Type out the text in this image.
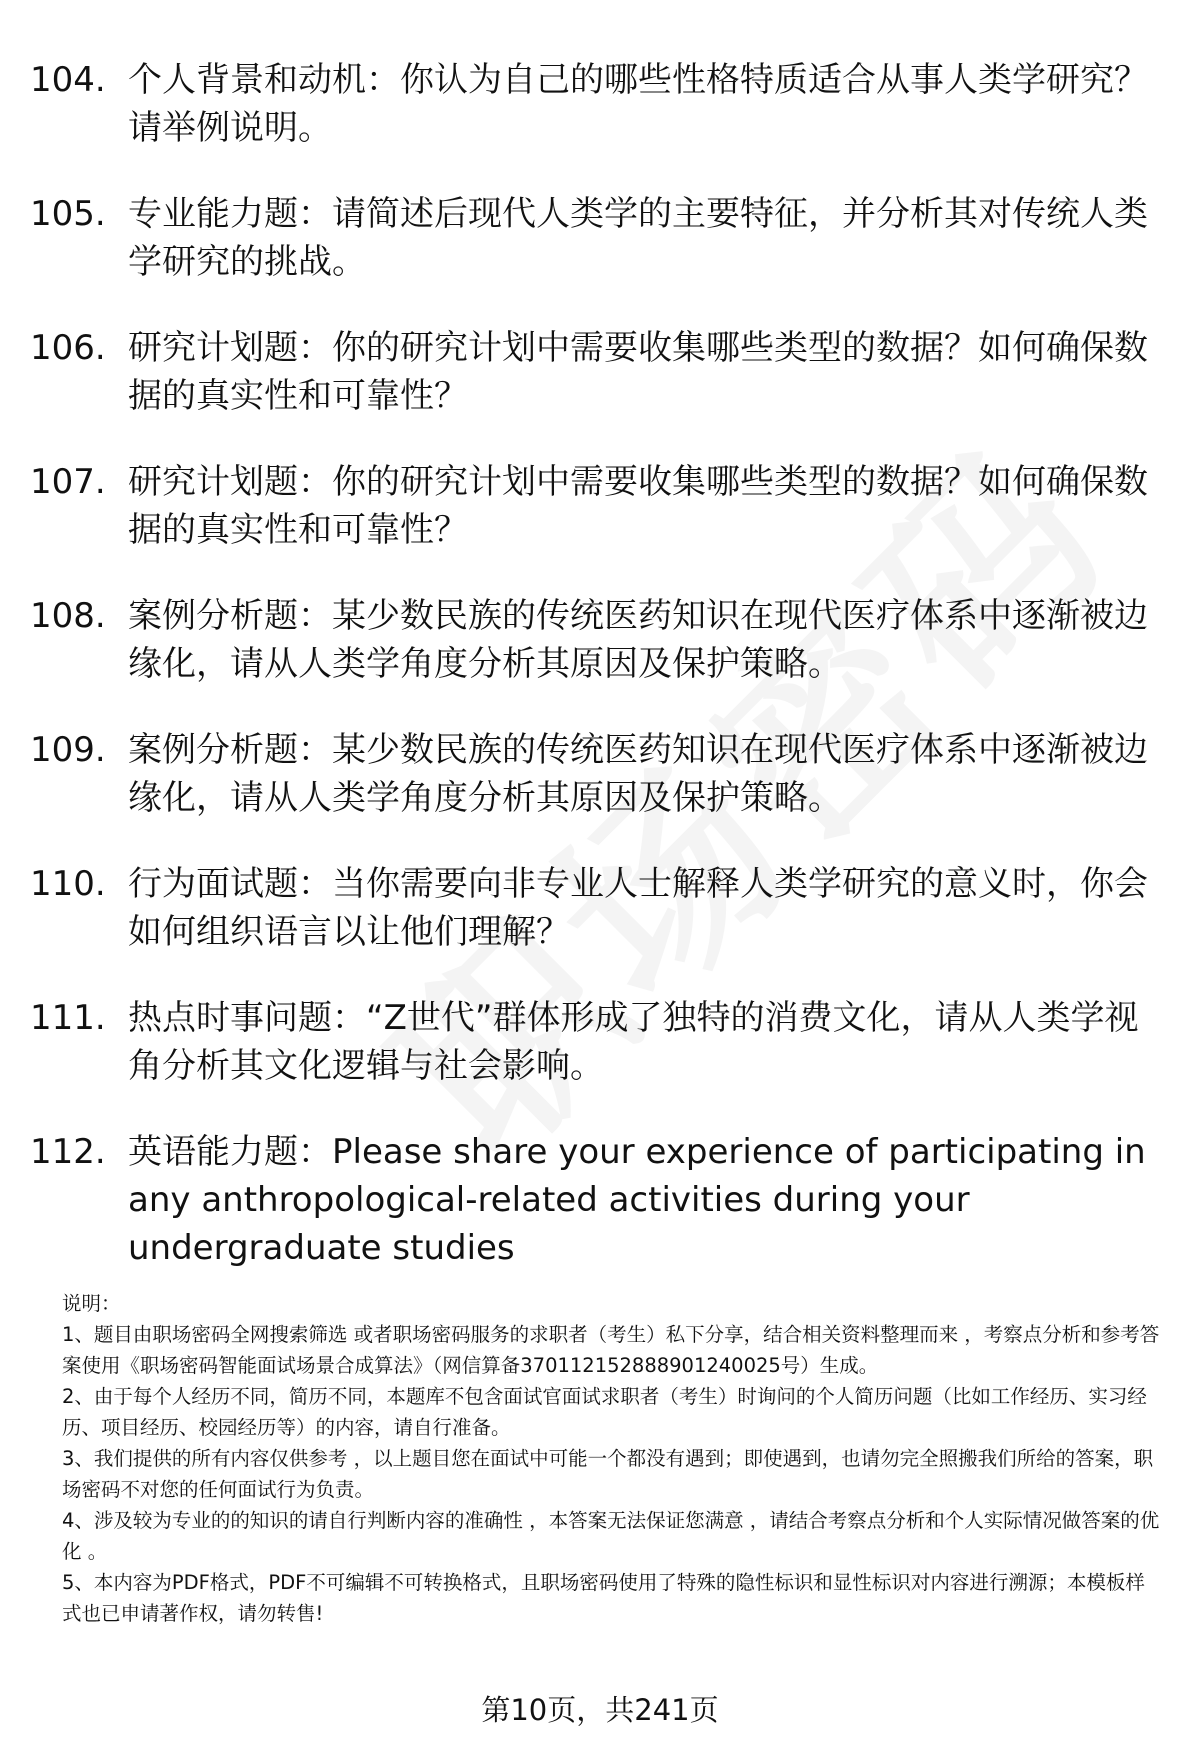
104. 个人背景和动机：你认为自己的哪些性格特质适合从事人类学研究？请举例说明。
105. 专业能力题：请简述后现代人类学的主要特征，并分析其对传统人类学研究的挑战。
106. 研究计划题：你的研究计划中需要收集哪些类型的数据？如何确保数据的真实性和可靠性？
107. 研究计划题：你的研究计划中需要收集哪些类型的数据？如何确保数据的真实性和可靠性？
108. 案例分析题：某少数民族的传统医药知识在现代医疗体系中逐渐被边缘化，请从人类学角度分析其原因及保护策略。
109. 案例分析题：某少数民族的传统医药知识在现代医疗体系中逐渐被边缘化，请从人类学角度分析其原因及保护策略。
110. 行为面试题：当你需要向非专业人士解释人类学研究的意义时，你会如何组织语言以让他们理解？
111. 热点时事问题：“Z世代”群体形成了独特的消费文化，请从人类学视角分析其文化逻辑与社会影响。
112. 英语能力题：Please share your experience of participating in any anthropological-related activities during your undergraduate studies

说明：

1、题目由职场密码全网搜索筛选 或者职场密码服务的求职者（考生）私下分享，结合相关资料整理而来 ，考察点分析和参考答案使用《职场密码智能面试场景合成算法》（网信算备370112152888901240025号）生成。

2、由于每个人经历不同，简历不同，本题库不包含面试官面试求职者（考生）时询问的个人简历问题（比如工作经历、实习经历、项目经历、校园经历等）的内容，请自行准备。

3、我们提供的所有内容仅供参考 ，以上题目您在面试中可能一个都没有遇到；即使遇到，也请勿完全照搬我们所给的答案，职场密码不对您的任何面试行为负责。

4、涉及较为专业的的知识的请自行判断内容的准确性 ，本答案无法保证您满意 ，请结合考察点分析和个人实际情况做答案的优化 。

5、本内容为PDF格式，PDF不可编辑不可转换格式，且职场密码使用了特殊的隐性标识和显性标识对内容进行溯源；本模板样式也已申请著作权，请勿转售!

第10页，共241页
